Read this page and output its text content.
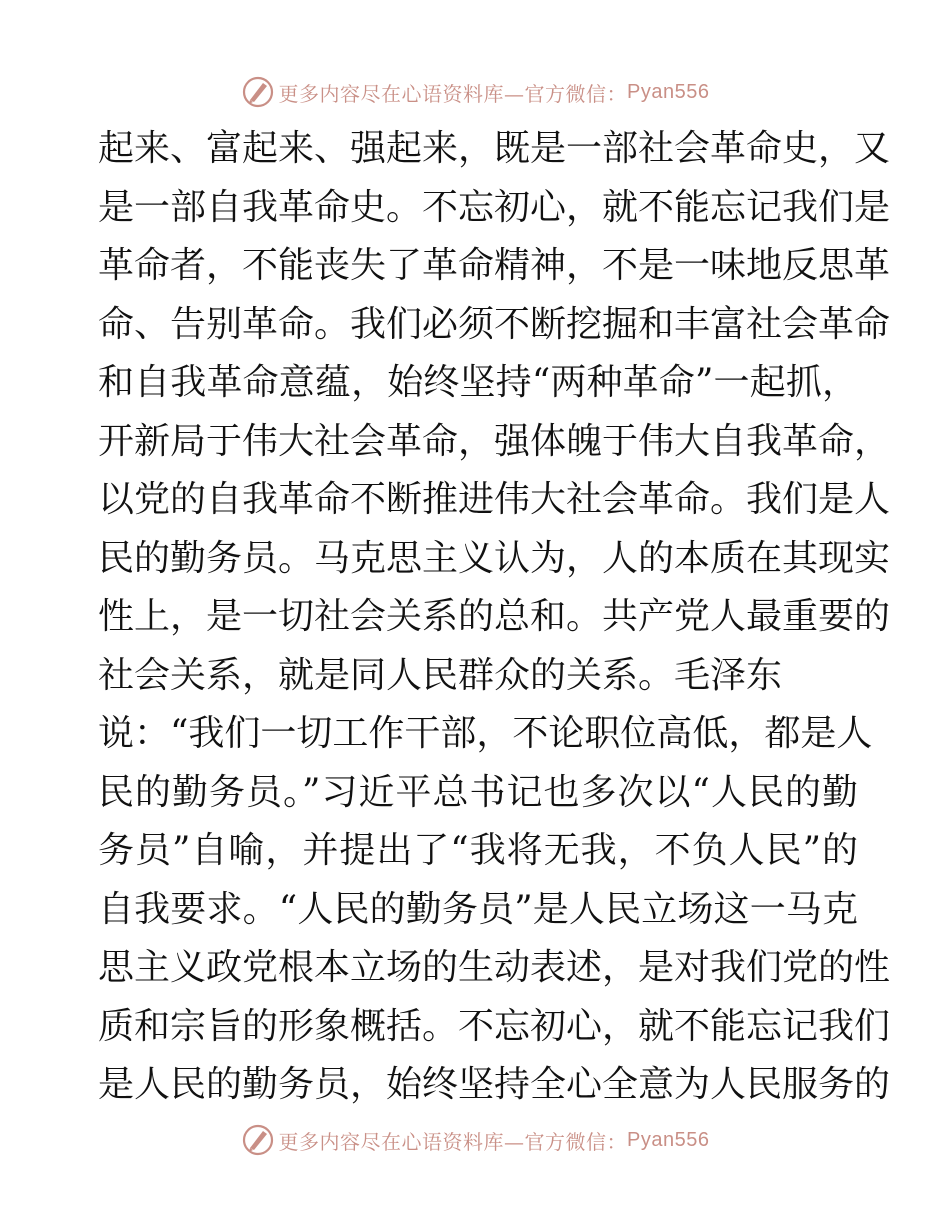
更多内容尽在心语资料库—官方微信： Pyan556
起来、富起来、强起来，既是一部社会革命史，又
是一部自我革命史。不忘初心，就不能忘记我们是
革命者，不能丧失了革命精神，不是一味地反思革
命、告别革命。我们必须不断挖掘和丰富社会革命
和自我革命意蕴，始终坚持“两种革命”一起抓，
开新局于伟大社会革命，强体魄于伟大自我革命，
以党的自我革命不断推进伟大社会革命。我们是人
民的勤务员。马克思主义认为，人的本质在其现实
性上，是一切社会关系的总和。共产党人最重要的
社会关系，就是同人民群众的关系。毛泽东
说：“我们一切工作干部，不论职位高低，都是人
民的勤务员。”习近平总书记也多次以“人民的勤
务员”自喻，并提出了“我将无我，不负人民”的
自我要求。“人民的勤务员”是人民立场这一马克
思主义政党根本立场的生动表述，是对我们党的性
质和宗旨的形象概括。不忘初心，就不能忘记我们
是人民的勤务员，始终坚持全心全意为人民服务的
更多内容尽在心语资料库—官方微信： Pyan556
